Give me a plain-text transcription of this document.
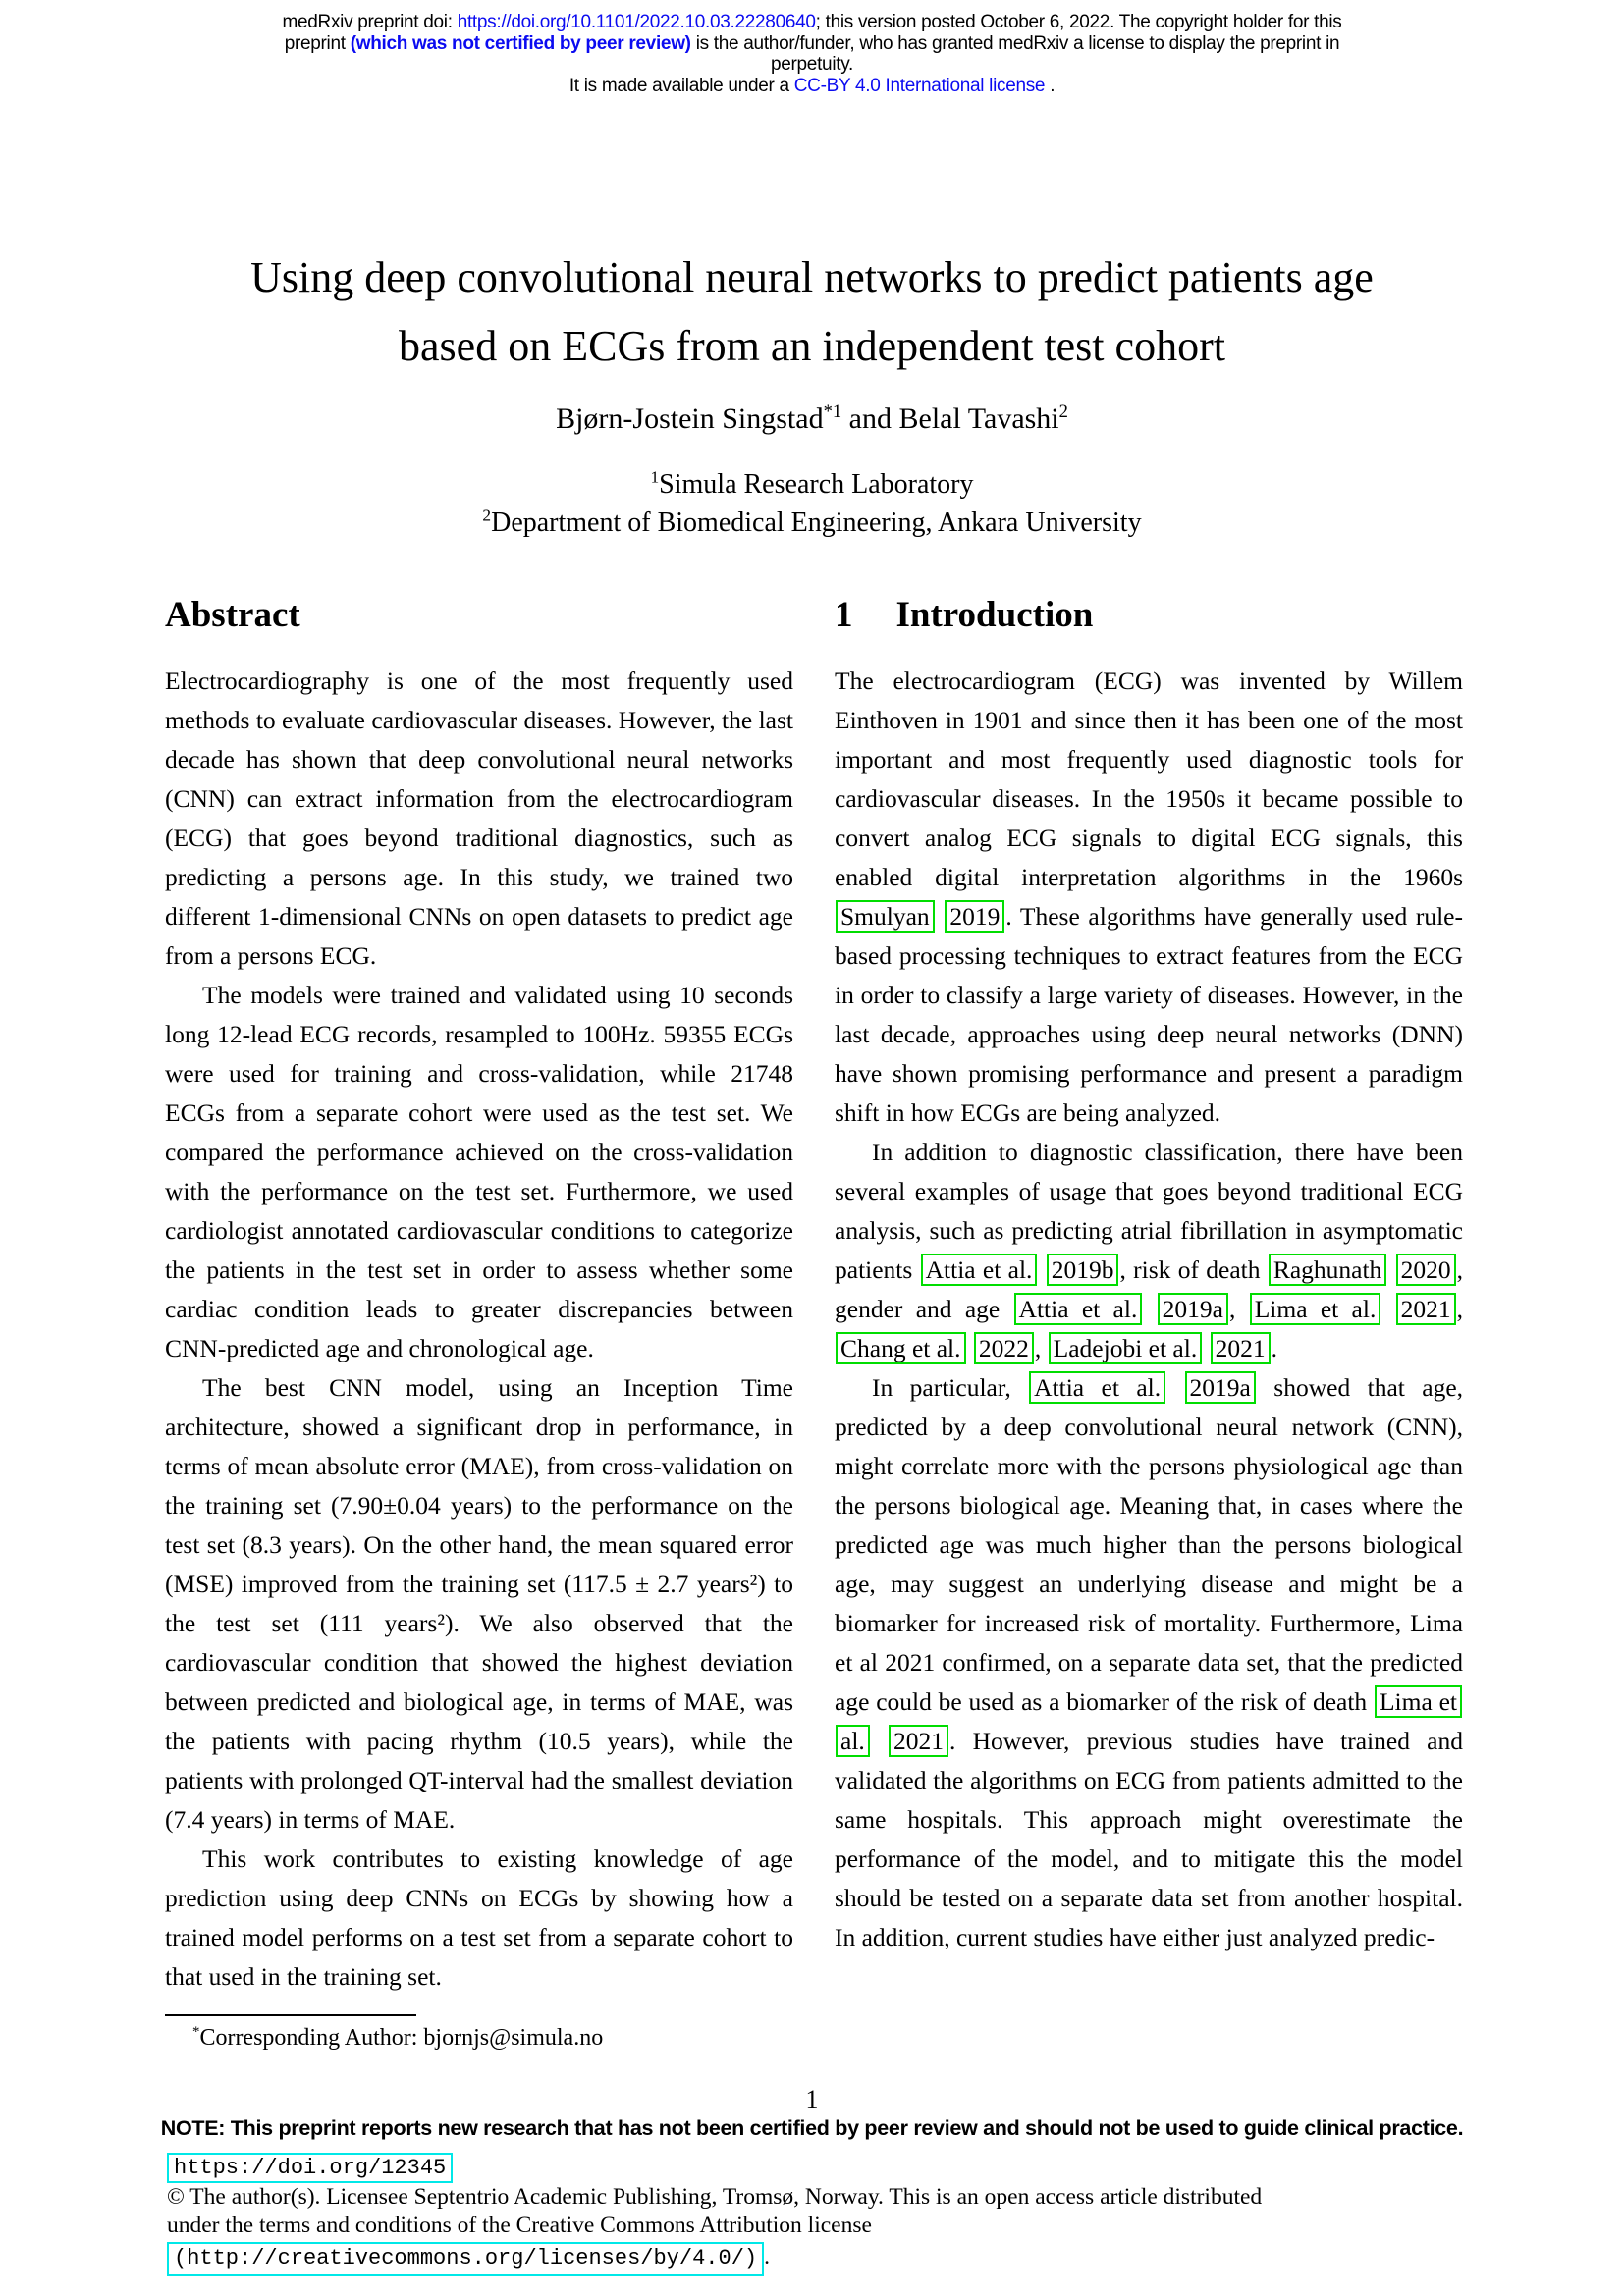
medRxiv preprint doi: https://doi.org/10.1101/2022.10.03.22280640; this version posted October 6, 2022. The copyright holder for this
preprint (which was not certified by peer review) is the author/funder, who has granted medRxiv a license to display the preprint in
perpetuity.
It is made available under a CC-BY 4.0 International license .
Using deep convolutional neural networks to predict patients age
based on ECGs from an independent test cohort
Bjørn-Jostein Singstad$^{*1}$ and Belal Tavashi$^2$
$^1$Simula Research Laboratory
$^2$Department of Biomedical Engineering, Ankara University
Abstract

Electrocardiography is one of the most frequently used methods to evaluate cardiovascular diseases. However, the last decade has shown that deep convolutional neural networks (CNN) can extract information from the electrocardiogram (ECG) that goes beyond traditional diagnostics, such as predicting a persons age. In this study, we trained two different 1-dimensional CNNs on open datasets to predict age from a persons ECG.

The models were trained and validated using 10 seconds long 12-lead ECG records, resampled to 100Hz. 59355 ECGs were used for training and cross-validation, while 21748 ECGs from a separate cohort were used as the test set. We compared the performance achieved on the cross-validation with the performance on the test set. Furthermore, we used cardiologist annotated cardiovascular conditions to categorize the patients in the test set in order to assess whether some cardiac condition leads to greater discrepancies between CNN-predicted age and chronological age.

The best CNN model, using an Inception Time architecture, showed a significant drop in performance, in terms of mean absolute error (MAE), from cross-validation on the training set (7.90±0.04 years) to the performance on the test set (8.3 years). On the other hand, the mean squared error (MSE) improved from the training set (117.5 ± 2.7 years²) to the test set (111 years²). We also observed that the cardiovascular condition that showed the highest deviation between predicted and biological age, in terms of MAE, was the patients with pacing rhythm (10.5 years), while the patients with prolonged QT-interval had the smallest deviation (7.4 years) in terms of MAE.

This work contributes to existing knowledge of age prediction using deep CNNs on ECGs by showing how a trained model performs on a test set from a separate cohort to that used in the training set.

*Corresponding Author: bjornjs@simula.no
1 Introduction

The electrocardiogram (ECG) was invented by Willem Einthoven in 1901 and since then it has been one of the most important and most frequently used diagnostic tools for cardiovascular diseases. In the 1950s it became possible to convert analog ECG signals to digital ECG signals, this enabled digital interpretation algorithms in the 1960s Smulyan 2019 . These algorithms have generally used rule-based processing techniques to extract features from the ECG in order to classify a large variety of diseases. However, in the last decade, approaches using deep neural networks (DNN) have shown promising performance and present a paradigm shift in how ECGs are being analyzed.

In addition to diagnostic classification, there have been several examples of usage that goes beyond traditional ECG analysis, such as predicting atrial fibrillation in asymptomatic patients Attia et al. 2019b , risk of death Raghunath 2020 , gender and age Attia et al. 2019a , Lima et al. 2021 , Chang et al. 2022 , Ladejobi et al. 2021 .

In particular, Attia et al. 2019a showed that age, predicted by a deep convolutional neural network (CNN), might correlate more with the persons physiological age than the persons biological age. Meaning that, in cases where the predicted age was much higher than the persons biological age, may suggest an underlying disease and might be a biomarker for increased risk of mortality. Furthermore, Lima et al 2021 confirmed, on a separate data set, that the predicted age could be used as a biomarker of the risk of death Lima et al. 2021 . However, previous studies have trained and validated the algorithms on ECG from patients admitted to the same hospitals. This approach might overestimate the performance of the model, and to mitigate this the model should be tested on a separate data set from another hospital. In addition, current studies have either just analyzed predic-

1
NOTE: This preprint reports new research that has not been certified by peer review and should not be used to guide clinical practice.
https://doi.org/12345
© The author(s). Licensee Septentrio Academic Publishing, Tromsø, Norway. This is an open access article distributed
under the terms and conditions of the Creative Commons Attribution license
(http://creativecommons.org/licenses/by/4.0/) .
